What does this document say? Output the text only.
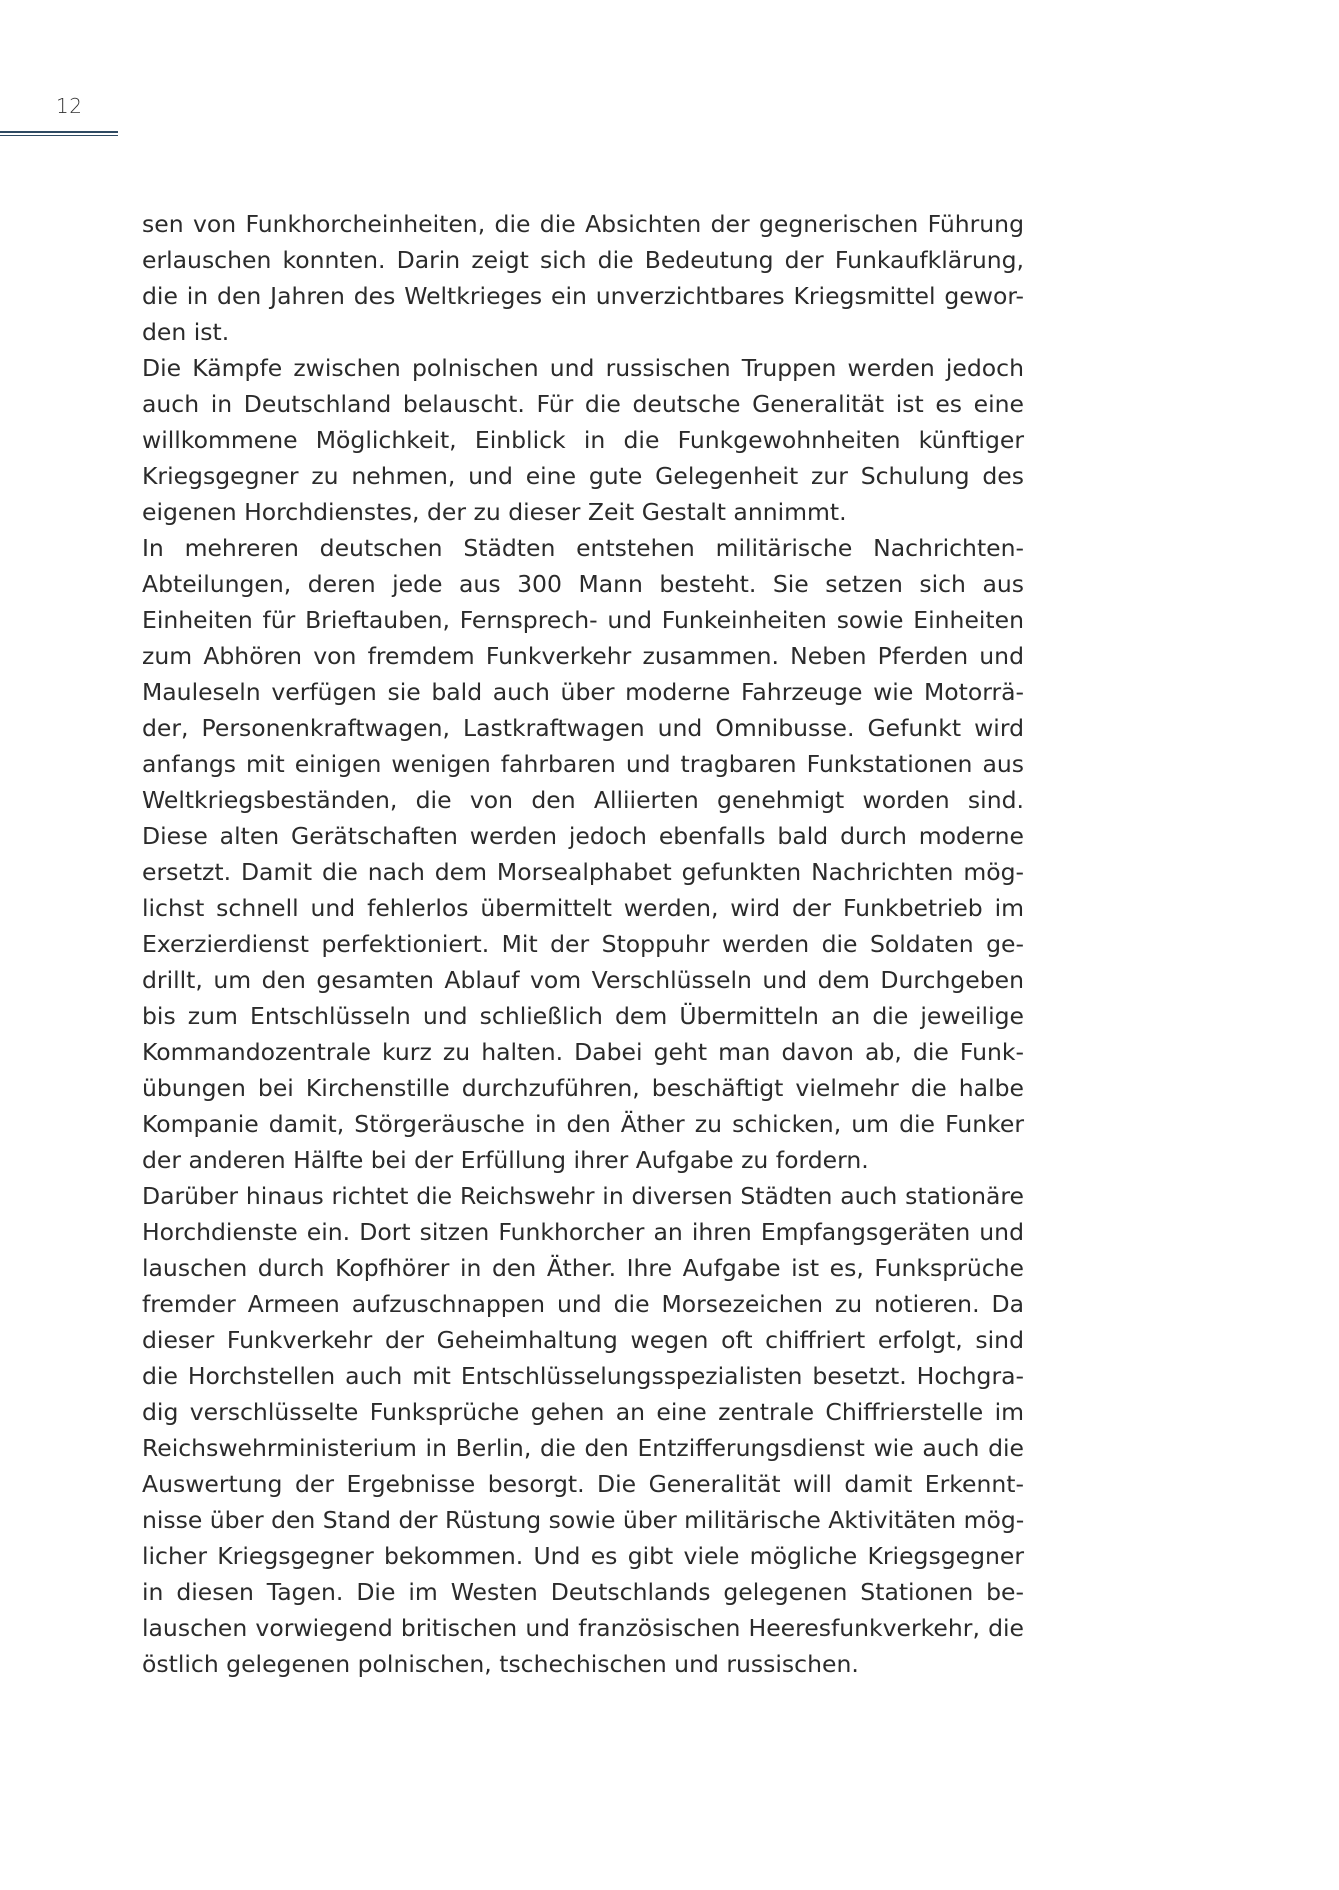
12
sen von Funkhorcheinheiten, die die Absichten der gegnerischen Führung
erlauschen konnten. Darin zeigt sich die Bedeutung der Funkaufklärung,
die in den Jahren des Weltkrieges ein unverzichtbares Kriegsmittel gewor-
den ist.
Die Kämpfe zwischen polnischen und russischen Truppen werden jedoch
auch in Deutschland belauscht. Für die deutsche Generalität ist es eine
willkommene Möglichkeit, Einblick in die Funkgewohnheiten künftiger
Kriegsgegner zu nehmen, und eine gute Gelegenheit zur Schulung des
eigenen Horchdienstes, der zu dieser Zeit Gestalt annimmt.
In mehreren deutschen Städten entstehen militärische Nachrichten-
Abteilungen, deren jede aus 300 Mann besteht. Sie setzen sich aus
Einheiten für Brieftauben, Fernsprech- und Funkeinheiten sowie Einheiten
zum Abhören von fremdem Funkverkehr zusammen. Neben Pferden und
Mauleseln verfügen sie bald auch über moderne Fahrzeuge wie Motorrä-
der, Personenkraftwagen, Lastkraftwagen und Omnibusse. Gefunkt wird
anfangs mit einigen wenigen fahrbaren und tragbaren Funkstationen aus
Weltkriegsbeständen, die von den Alliierten genehmigt worden sind.
Diese alten Gerätschaften werden jedoch ebenfalls bald durch moderne
ersetzt. Damit die nach dem Morsealphabet gefunkten Nachrichten mög-
lichst schnell und fehlerlos übermittelt werden, wird der Funkbetrieb im
Exerzierdienst perfektioniert. Mit der Stoppuhr werden die Soldaten ge-
drillt, um den gesamten Ablauf vom Verschlüsseln und dem Durchgeben
bis zum Entschlüsseln und schließlich dem Übermitteln an die jeweilige
Kommandozentrale kurz zu halten. Dabei geht man davon ab, die Funk-
übungen bei Kirchenstille durchzuführen, beschäftigt vielmehr die halbe
Kompanie damit, Störgeräusche in den Äther zu schicken, um die Funker
der anderen Hälfte bei der Erfüllung ihrer Aufgabe zu fordern.
Darüber hinaus richtet die Reichswehr in diversen Städten auch stationäre
Horchdienste ein. Dort sitzen Funkhorcher an ihren Empfangsgeräten und
lauschen durch Kopfhörer in den Äther. Ihre Aufgabe ist es, Funksprüche
fremder Armeen aufzuschnappen und die Morsezeichen zu notieren. Da
dieser Funkverkehr der Geheimhaltung wegen oft chiffriert erfolgt, sind
die Horchstellen auch mit Entschlüsselungsspezialisten besetzt. Hochgra-
dig verschlüsselte Funksprüche gehen an eine zentrale Chiffrierstelle im
Reichswehrministerium in Berlin, die den Entzifferungsdienst wie auch die
Auswertung der Ergebnisse besorgt. Die Generalität will damit Erkennt-
nisse über den Stand der Rüstung sowie über militärische Aktivitäten mög-
licher Kriegsgegner bekommen. Und es gibt viele mögliche Kriegsgegner
in diesen Tagen. Die im Westen Deutschlands gelegenen Stationen be-
lauschen vorwiegend britischen und französischen Heeresfunkverkehr, die
östlich gelegenen polnischen, tschechischen und russischen.
